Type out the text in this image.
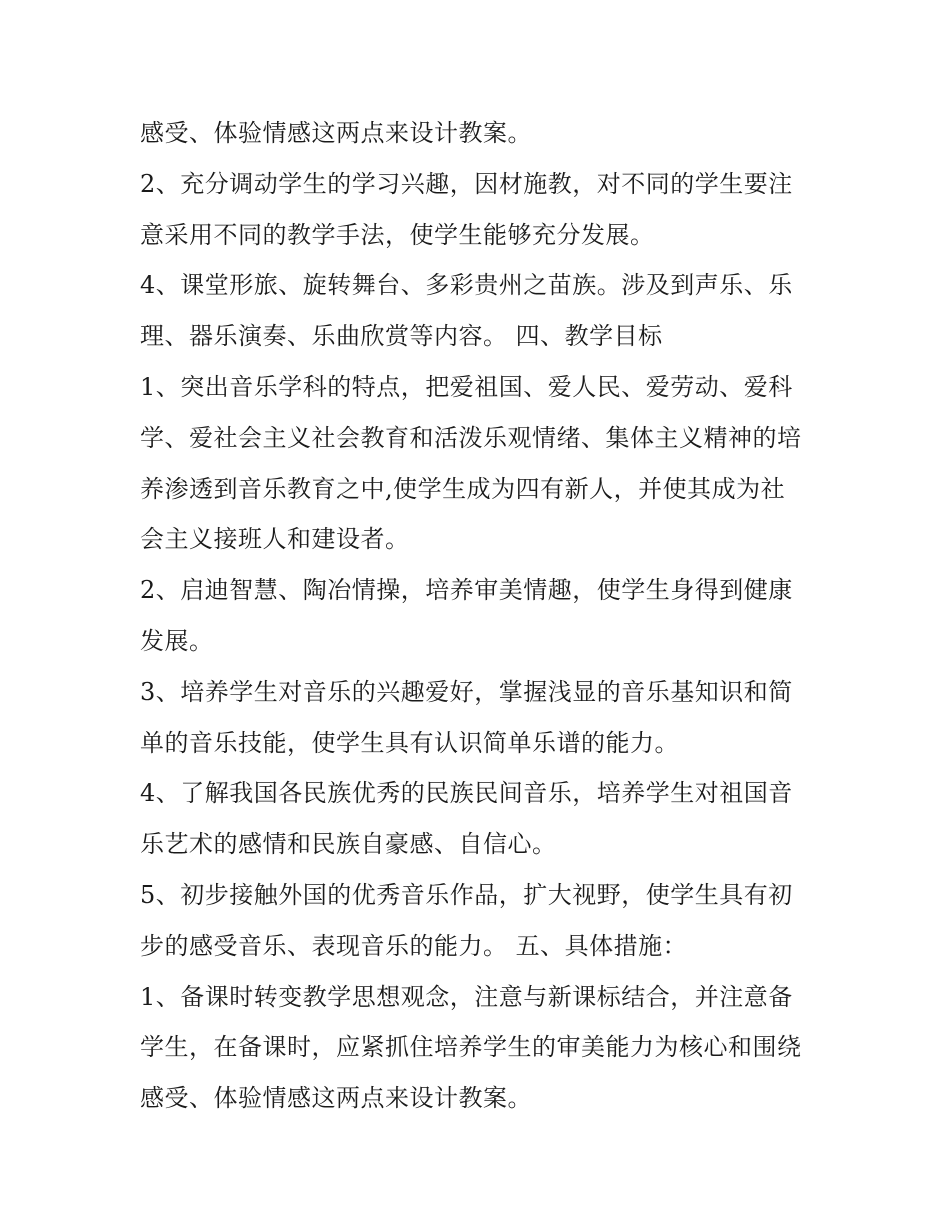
感受、体验情感这两点来设计教案。
2、充分调动学生的学习兴趣，因材施教，对不同的学生要注
意采用不同的教学手法，使学生能够充分发展。
4、课堂形旅、旋转舞台、多彩贵州之苗族。涉及到声乐、乐
理、器乐演奏、乐曲欣赏等内容。 四、教学目标
1、突出音乐学科的特点，把爱祖国、爱人民、爱劳动、爱科
学、爱社会主义社会教育和活泼乐观情绪、集体主义精神的培
养渗透到音乐教育之中,使学生成为四有新人，并使其成为社
会主义接班人和建设者。
2、启迪智慧、陶冶情操，培养审美情趣，使学生身得到健康
发展。
3、培养学生对音乐的兴趣爱好，掌握浅显的音乐基知识和简
单的音乐技能，使学生具有认识简单乐谱的能力。
4、了解我国各民族优秀的民族民间音乐，培养学生对祖国音
乐艺术的感情和民族自豪感、自信心。
5、初步接触外国的优秀音乐作品，扩大视野，使学生具有初
步的感受音乐、表现音乐的能力。 五、具体措施：
1、备课时转变教学思想观念，注意与新课标结合，并注意备
学生，在备课时，应紧抓住培养学生的审美能力为核心和围绕
感受、体验情感这两点来设计教案。
